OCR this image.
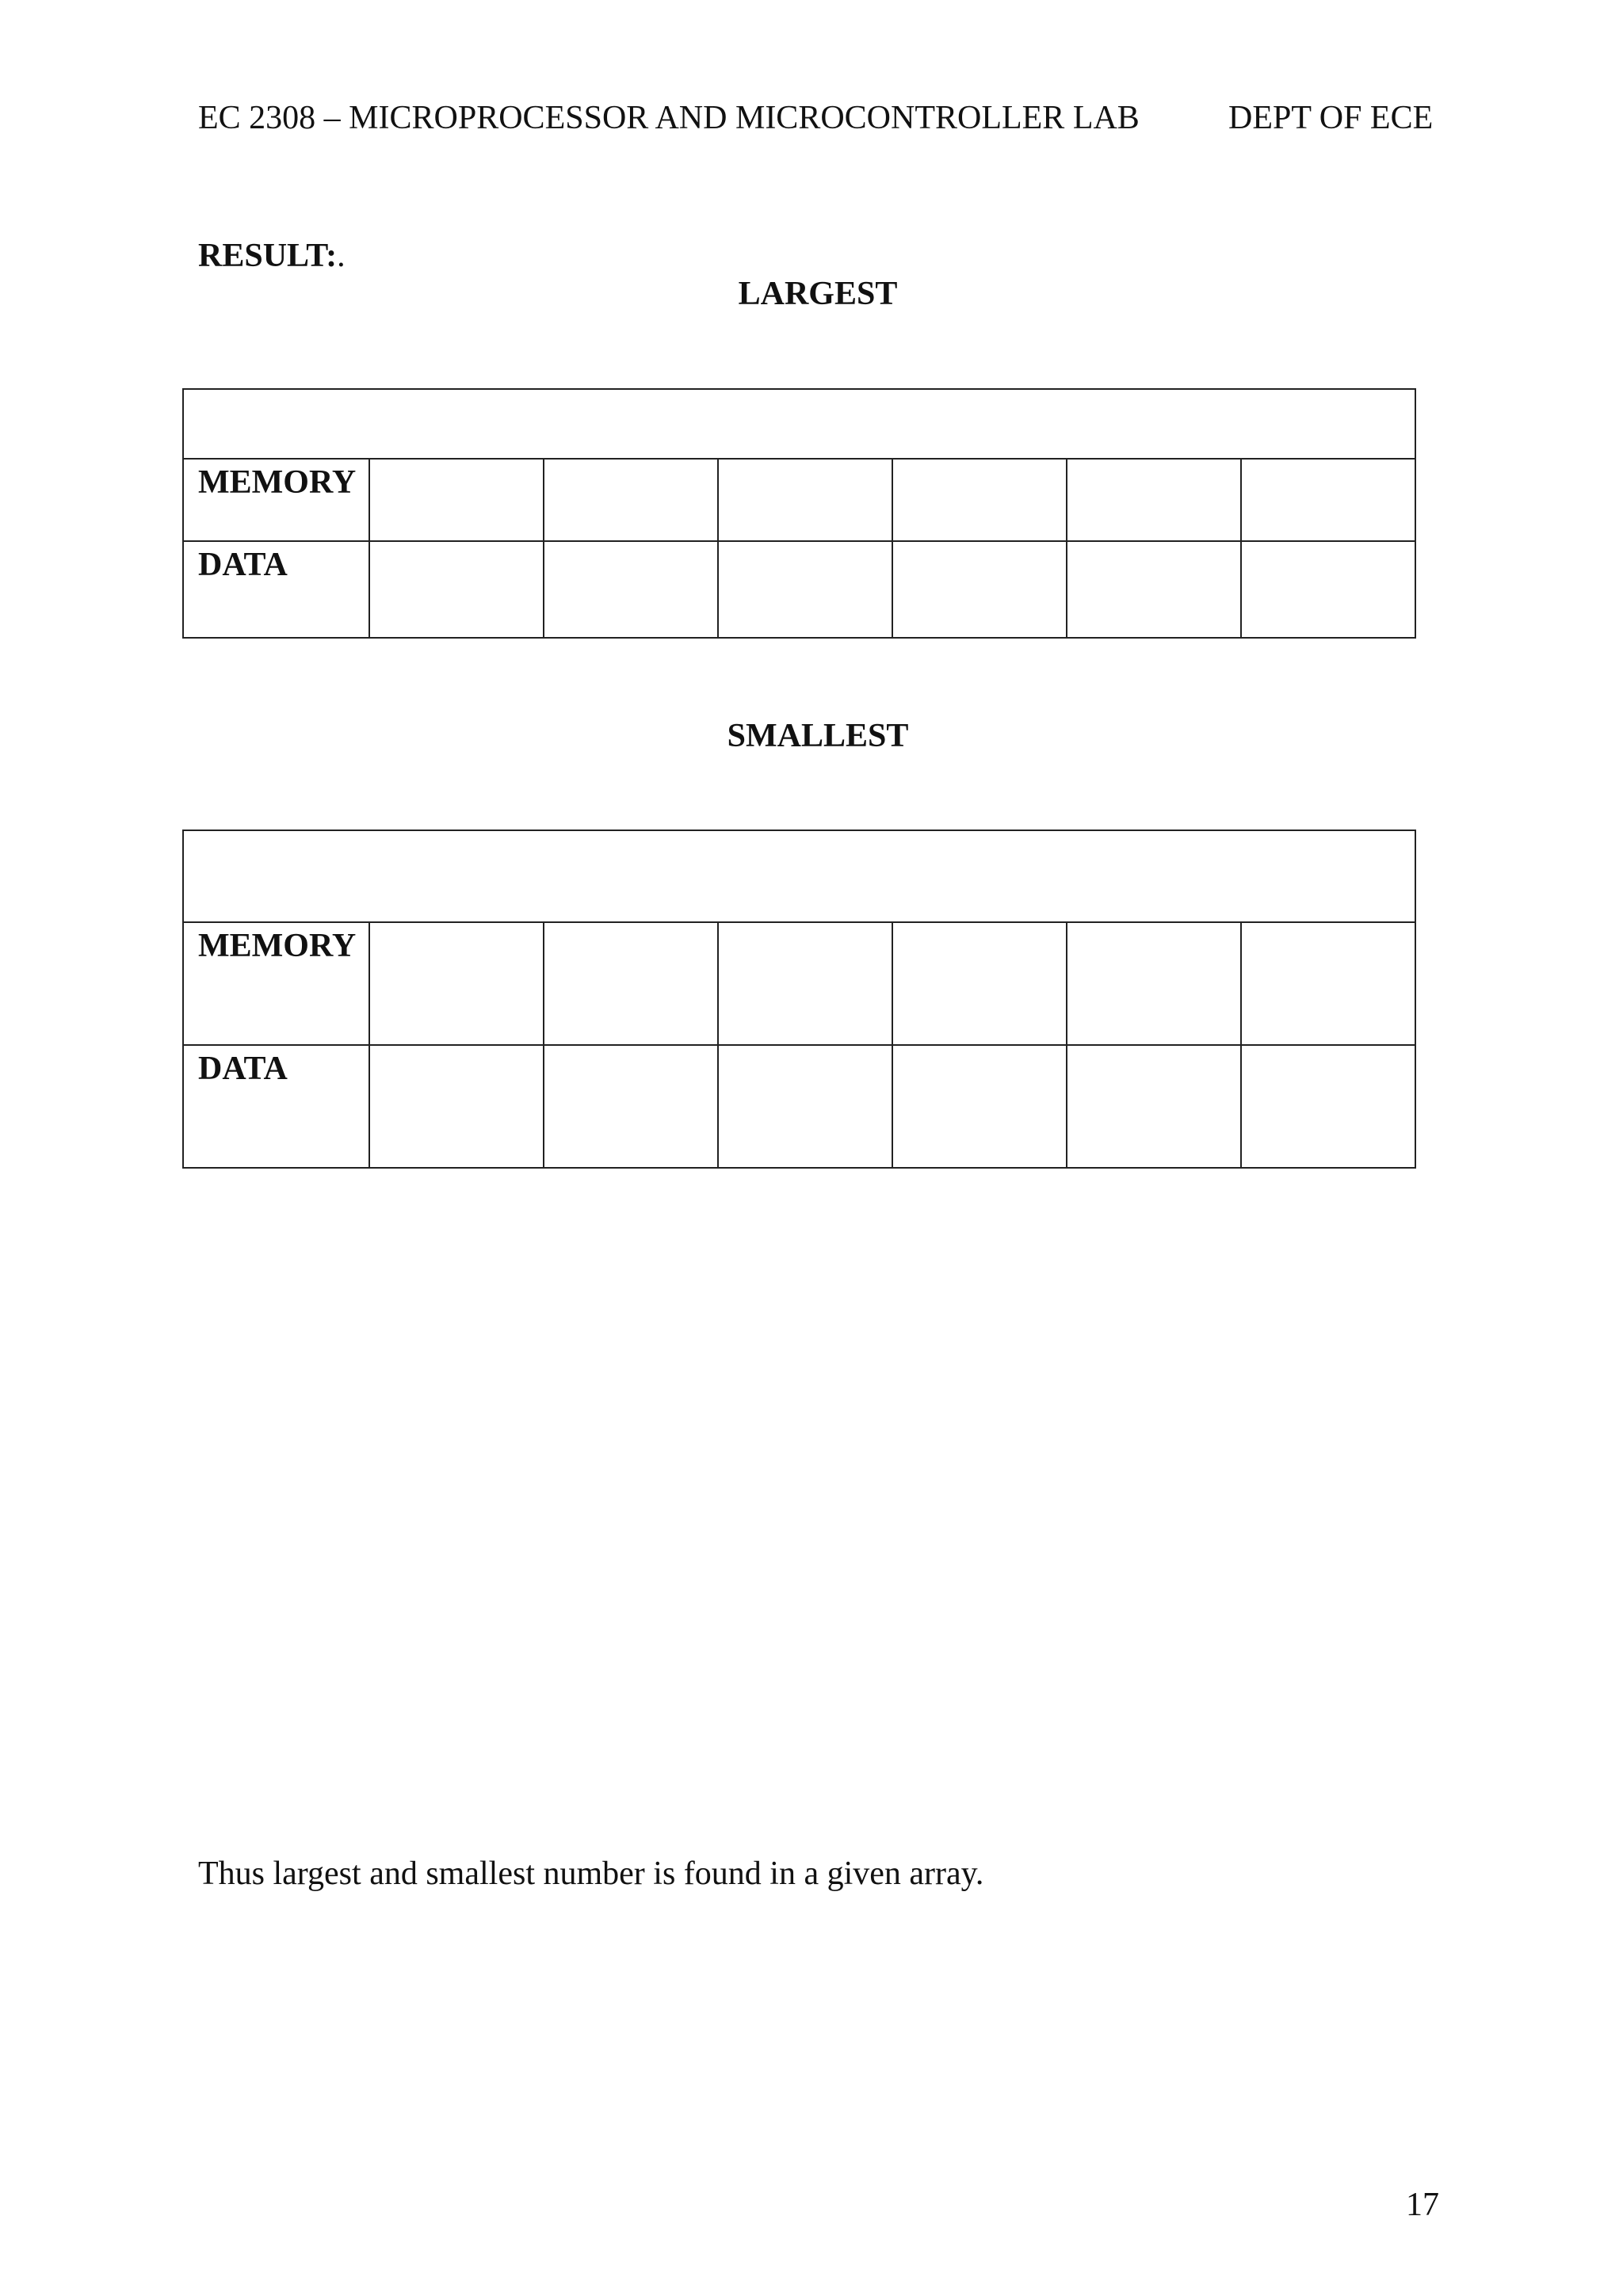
EC 2308 – MICROPROCESSOR AND MICROCONTROLLER LAB	DEPT OF ECE
RESULT:.
LARGEST

MEMORY						
DATA						
SMALLEST

MEMORY						
DATA						
Thus largest and smallest number is found in a given array.
17
